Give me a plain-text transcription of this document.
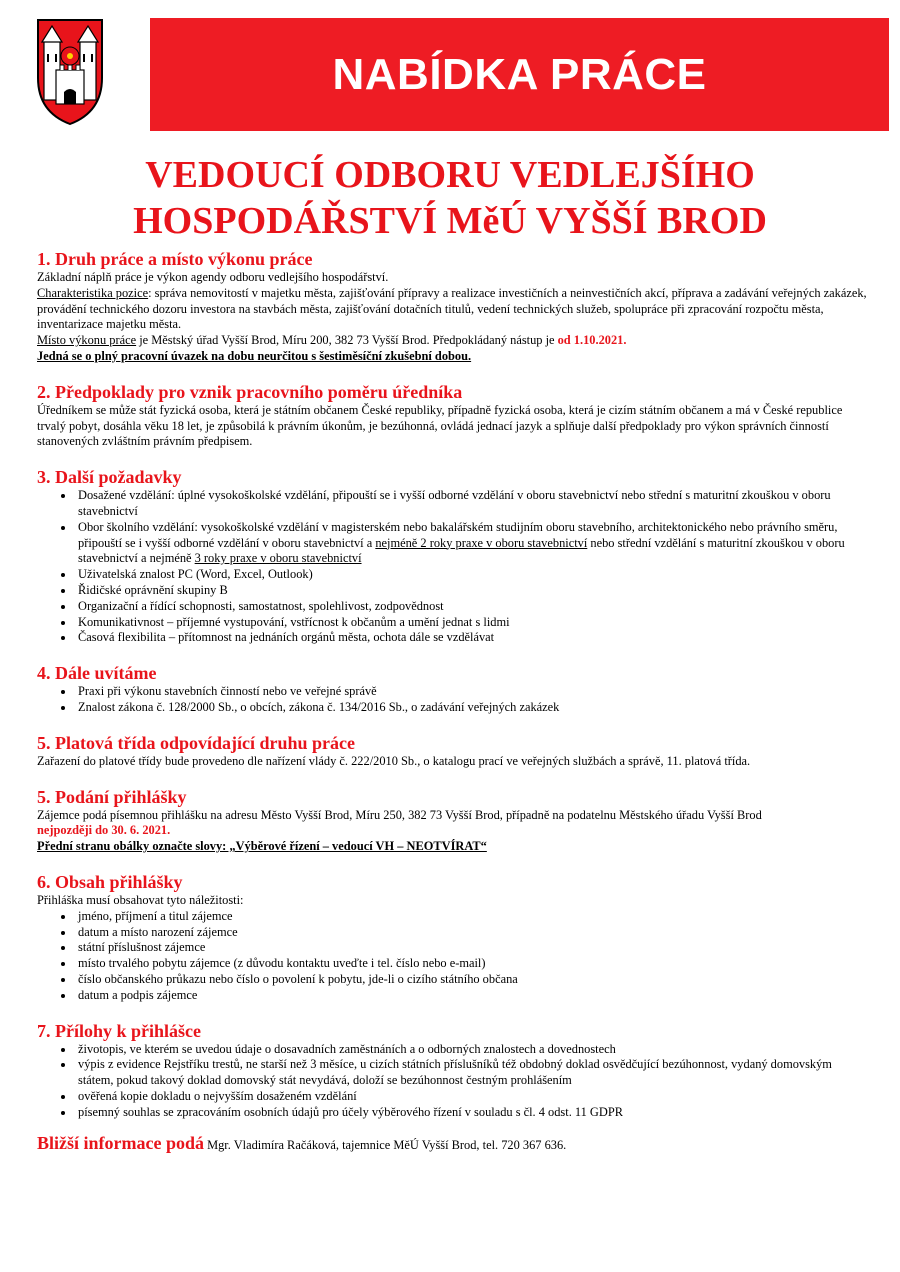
NABÍDKA PRÁCE
VEDOUCÍ ODBORU VEDLEJŠÍHO
HOSPODÁŘSTVÍ MěÚ VYŠŠÍ BROD
1. Druh práce a místo výkonu práce

Základní náplň práce je výkon agendy odboru vedlejšího hospodářství.

Charakteristika pozice: správa nemovitostí v majetku města, zajišťování přípravy a realizace investičních a neinvestičních akcí, příprava a zadávání veřejných zakázek, provádění technického dozoru investora na stavbách města, zajišťování dotačních titulů, vedení technických služeb, spolupráce při zpracování rozpočtu města, inventarizace majetku města.

Místo výkonu práce je Městský úřad Vyšší Brod, Míru 200, 382 73 Vyšší Brod. Předpokládaný nástup je od 1.10.2021.

Jedná se o plný pracovní úvazek na dobu neurčitou s šestiměsíční zkušební dobou.

2. Předpoklady pro vznik pracovního poměru úředníka

Úředníkem se může stát fyzická osoba, která je státním občanem České republiky, případně fyzická osoba, která je cizím státním občanem a má v České republice trvalý pobyt, dosáhla věku 18 let, je způsobilá k právním úkonům, je bezúhonná, ovládá jednací jazyk a splňuje další předpoklady pro výkon správních činností stanovených zvláštním právním předpisem.

3. Další požadavky
• Dosažené vzdělání: úplné vysokoškolské vzdělání, připouští se i vyšší odborné vzdělání v oboru stavebnictví nebo střední s maturitní zkouškou v oboru stavebnictví
• Obor školního vzdělání: vysokoškolské vzdělání v magisterském nebo bakalářském studijním oboru stavebního, architektonického nebo právního směru, připouští se i vyšší odborné vzdělání v oboru stavebnictví a nejméně 2 roky praxe v oboru stavebnictví nebo střední vzdělání s maturitní zkouškou v oboru stavebnictví a nejméně 3 roky praxe v oboru stavebnictví
• Uživatelská znalost PC (Word, Excel, Outlook)
• Řidičské oprávnění skupiny B
• Organizační a řídící schopnosti, samostatnost, spolehlivost, zodpovědnost
• Komunikativnost – příjemné vystupování, vstřícnost k občanům a umění jednat s lidmi
• Časová flexibilita – přítomnost na jednáních orgánů města, ochota dále se vzdělávat
4. Dále uvítáme
• Praxi při výkonu stavebních činností nebo ve veřejné správě
• Znalost zákona č. 128/2000 Sb., o obcích, zákona č. 134/2016 Sb., o zadávání veřejných zakázek
5. Platová třída odpovídající druhu práce

Zařazení do platové třídy bude provedeno dle nařízení vlády č. 222/2010 Sb., o katalogu prací ve veřejných službách a správě, 11. platová třída.

5. Podání přihlášky

Zájemce podá písemnou přihlášku na adresu Město Vyšší Brod, Míru 250, 382 73 Vyšší Brod, případně na podatelnu Městského úřadu Vyšší Brod

nejpozději do 30. 6. 2021.

Přední stranu obálky označte slovy: „Výběrové řízení – vedoucí VH – NEOTVÍRAT“

6. Obsah přihlášky

Přihláška musí obsahovat tyto náležitosti:

• jméno, příjmení a titul zájemce
• datum a místo narození zájemce
• státní příslušnost zájemce
• místo trvalého pobytu zájemce (z důvodu kontaktu uveďte i tel. číslo nebo e-mail)
• číslo občanského průkazu nebo číslo o povolení k pobytu, jde-li o cizího státního občana
• datum a podpis zájemce
7. Přílohy k přihlášce
• životopis, ve kterém se uvedou údaje o dosavadních zaměstnáních a o odborných znalostech a dovednostech
• výpis z evidence Rejstříku trestů, ne starší než 3 měsíce, u cizích státních příslušníků též obdobný doklad osvědčující bezúhonnost, vydaný domovským státem, pokud takový doklad domovský stát nevydává, doloží se bezúhonnost čestným prohlášením
• ověřená kopie dokladu o nejvyšším dosaženém vzdělání
• písemný souhlas se zpracováním osobních údajů pro účely výběrového řízení v souladu s čl. 4 odst. 11 GDPR

Bližší informace podá Mgr. Vladimíra Račáková, tajemnice MěÚ Vyšší Brod, tel. 720 367 636.
